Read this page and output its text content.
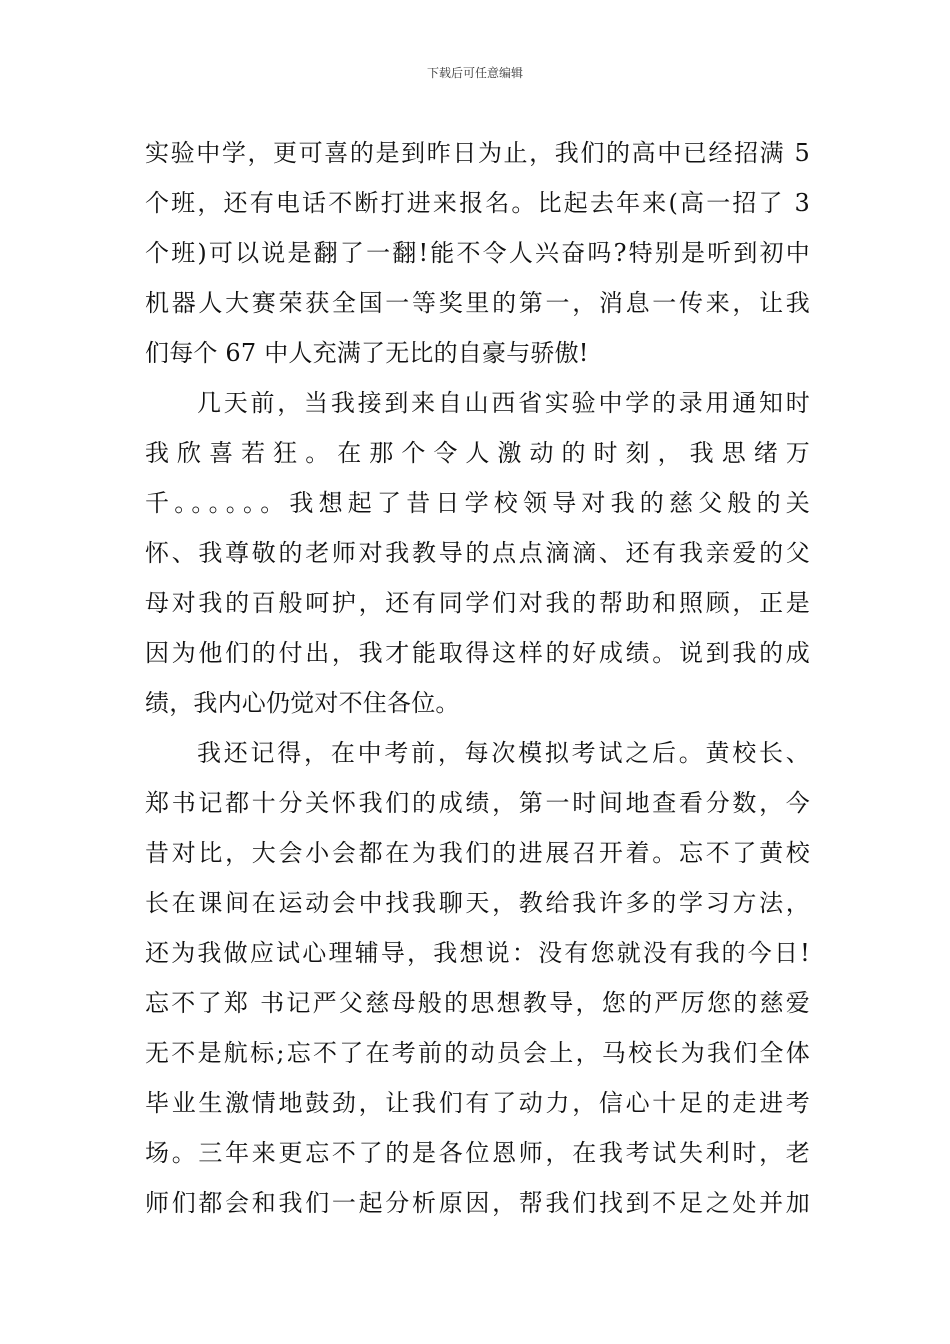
下载后可任意编辑
实验中学，更可喜的是到昨日为止，我们的高中已经招满 5
个班，还有电话不断打进来报名。比起去年来(高一招了 3
个班)可以说是翻了一翻!能不令人兴奋吗?特别是听到初中
机器人大赛荣获全国一等奖里的第一，消息一传来，让我
们每个 67 中人充满了无比的自豪与骄傲!
几天前，当我接到来自山西省实验中学的录用通知时
我欣喜若狂。在那个令人激动的时刻，我思绪万
千。。。。。。我想起了昔日学校领导对我的慈父般的关
怀、我尊敬的老师对我教导的点点滴滴、还有我亲爱的父
母对我的百般呵护，还有同学们对我的帮助和照顾，正是
因为他们的付出，我才能取得这样的好成绩。说到我的成
绩，我内心仍觉对不住各位。
我还记得，在中考前，每次模拟考试之后。黄校长、
郑书记都十分关怀我们的成绩，第一时间地查看分数，今
昔对比，大会小会都在为我们的进展召开着。忘不了黄校
长在课间在运动会中找我聊天，教给我许多的学习方法，
还为我做应试心理辅导，我想说：没有您就没有我的今日!
忘不了郑 书记严父慈母般的思想教导，您的严厉您的慈爱
无不是航标;忘不了在考前的动员会上，马校长为我们全体
毕业生激情地鼓劲，让我们有了动力，信心十足的走进考
场。三年来更忘不了的是各位恩师，在我考试失利时，老
师们都会和我们一起分析原因，帮我们找到不足之处并加
